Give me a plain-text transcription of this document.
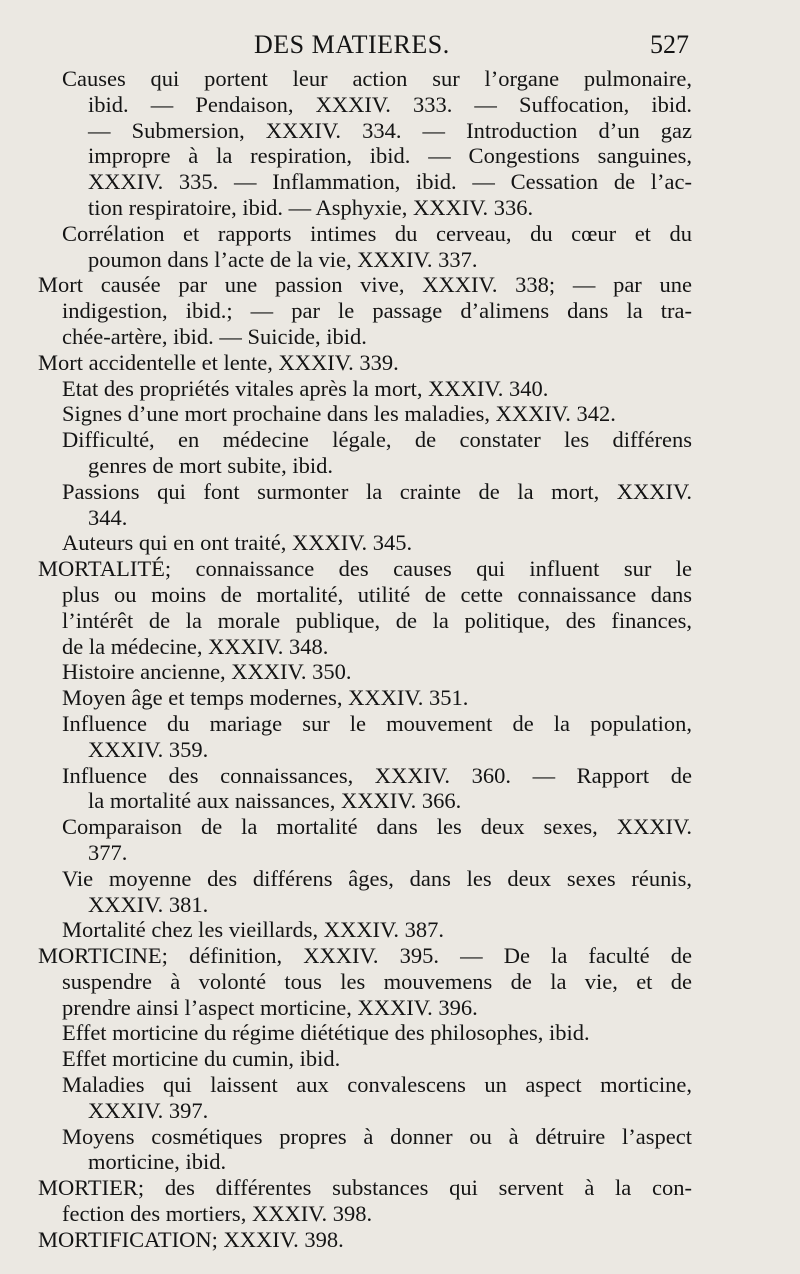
DES MATIERES.	527
Causes qui portent leur action sur l’organe pulmonaire,
ibid. — Pendaison, XXXIV. 333. — Suffocation, ibid.
— Submersion, XXXIV. 334. — Introduction d’un gaz
impropre à la respiration, ibid. — Congestions sanguines,
XXXIV. 335. — Inflammation, ibid. — Cessation de l’ac-
tion respiratoire, ibid. — Asphyxie, XXXIV. 336.
Corrélation et rapports intimes du cerveau, du cœur et du
poumon dans l’acte de la vie, XXXIV. 337.
Mort causée par une passion vive, XXXIV. 338; — par une
indigestion, ibid.; — par le passage d’alimens dans la tra-
chée-artère, ibid. — Suicide, ibid.
Mort accidentelle et lente, XXXIV. 339.
Etat des propriétés vitales après la mort, XXXIV. 340.
Signes d’une mort prochaine dans les maladies, XXXIV. 342.
Difficulté, en médecine légale, de constater les différens
genres de mort subite, ibid.
Passions qui font surmonter la crainte de la mort, XXXIV.
344.
Auteurs qui en ont traité, XXXIV. 345.
MORTALITÉ; connaissance des causes qui influent sur le
plus ou moins de mortalité, utilité de cette connaissance dans
l’intérêt de la morale publique, de la politique, des finances,
de la médecine, XXXIV. 348.
Histoire ancienne, XXXIV. 350.
Moyen âge et temps modernes, XXXIV. 351.
Influence du mariage sur le mouvement de la population,
XXXIV. 359.
Influence des connaissances, XXXIV. 360. — Rapport de
la mortalité aux naissances, XXXIV. 366.
Comparaison de la mortalité dans les deux sexes, XXXIV.
377.
Vie moyenne des différens âges, dans les deux sexes réunis,
XXXIV. 381.
Mortalité chez les vieillards, XXXIV. 387.
MORTICINE; définition, XXXIV. 395. — De la faculté de
suspendre à volonté tous les mouvemens de la vie, et de
prendre ainsi l’aspect morticine, XXXIV. 396.
Effet morticine du régime diététique des philosophes, ibid.
Effet morticine du cumin, ibid.
Maladies qui laissent aux convalescens un aspect morticine,
XXXIV. 397.
Moyens cosmétiques propres à donner ou à détruire l’aspect
morticine, ibid.
MORTIER; des différentes substances qui servent à la con-
fection des mortiers, XXXIV. 398.
MORTIFICATION; XXXIV. 398.
